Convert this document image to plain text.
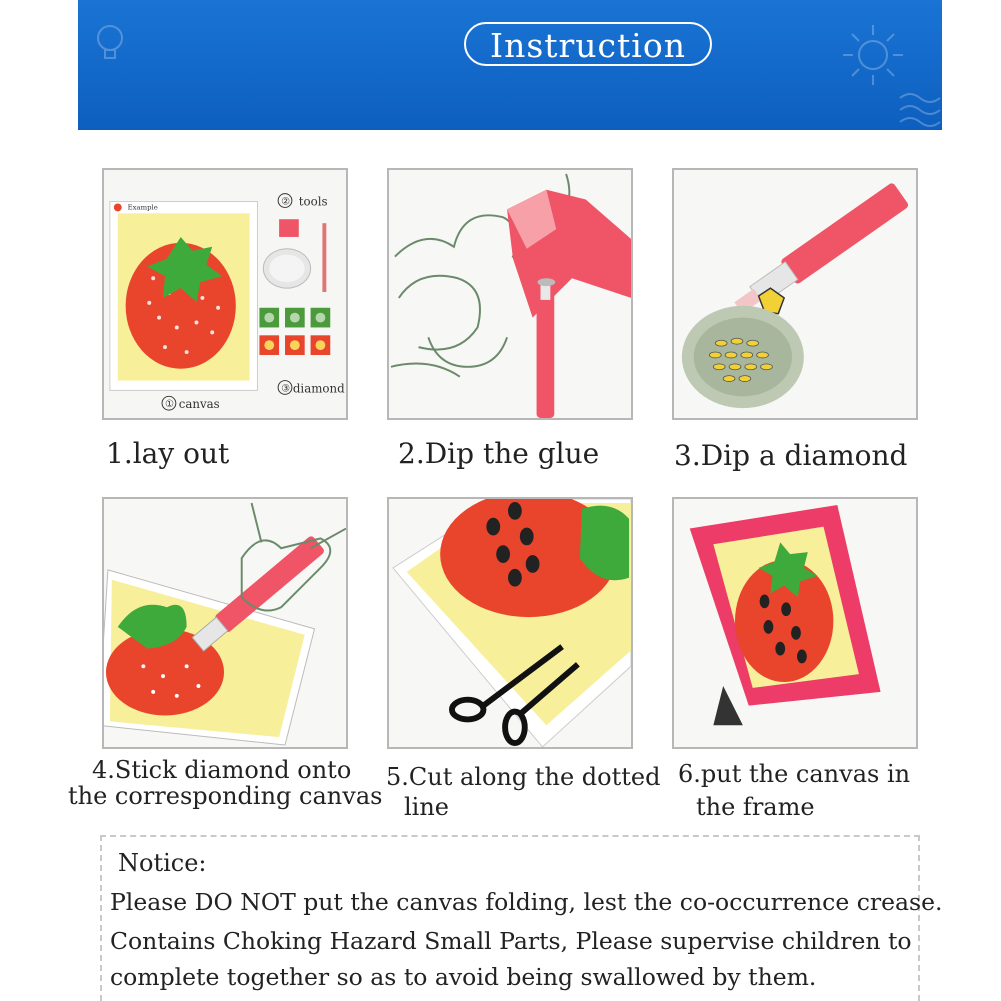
Instruction
Example	② tools
③ diamond
① canvas
1.lay out	2.Dip the glue	3.Dip a diamond
4.Stick diamond onto
the corresponding canvas
5.Cut along the dotted
line
6.put the canvas in
the frame
Notice:
Please DO NOT put the canvas folding, lest the co-occurrence crease.
Contains Choking Hazard Small Parts, Please supervise children to
complete together so as to avoid being swallowed by them.
